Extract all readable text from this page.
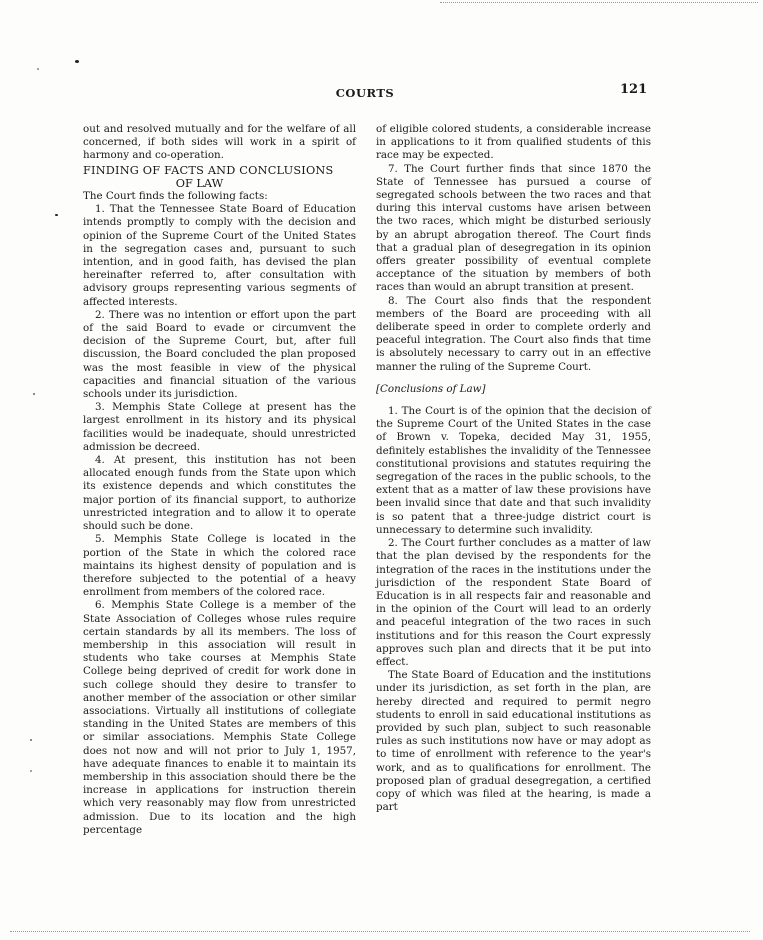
COURTS	121

out and resolved mutually and for the welfare of all concerned, if both sides will work in a spirit of harmony and co-operation.

FINDING OF FACTS AND CONCLUSIONS

OF LAW

The Court finds the following facts:

1. That the Tennessee State Board of Education intends promptly to comply with the decision and opinion of the Supreme Court of the United States in the segregation cases and, pursuant to such intention, and in good faith, has devised the plan hereinafter referred to, after consultation with advisory groups representing various segments of affected interests.

2. There was no intention or effort upon the part of the said Board to evade or circumvent the decision of the Supreme Court, but, after full discussion, the Board concluded the plan proposed was the most feasible in view of the physical capacities and financial situation of the various schools under its jurisdiction.

3. Memphis State College at present has the largest enrollment in its history and its physical facilities would be inadequate, should unrestricted admission be decreed.

4. At present, this institution has not been allocated enough funds from the State upon which its existence depends and which constitutes the major portion of its financial support, to authorize unrestricted integration and to allow it to operate should such be done.

5. Memphis State College is located in the portion of the State in which the colored race maintains its highest density of population and is therefore subjected to the potential of a heavy enrollment from members of the colored race.

6. Memphis State College is a member of the State Association of Colleges whose rules require certain standards by all its members. The loss of membership in this association will result in students who take courses at Memphis State College being deprived of credit for work done in such college should they desire to transfer to another member of the association or other similar associations. Virtually all institutions of collegiate standing in the United States are members of this or similar associations. Memphis State College does not now and will not prior to July 1, 1957, have adequate finances to enable it to maintain its membership in this association should there be the increase in applications for instruction therein which very reasonably may flow from unrestricted admission. Due to its location and the high percentage

of eligible colored students, a considerable increase in applications to it from qualified students of this race may be expected.

7. The Court further finds that since 1870 the State of Tennessee has pursued a course of segregated schools between the two races and that during this interval customs have arisen between the two races, which might be disturbed seriously by an abrupt abrogation thereof. The Court finds that a gradual plan of desegregation in its opinion offers greater possibility of eventual complete acceptance of the situation by members of both races than would an abrupt transition at present.

8. The Court also finds that the respondent members of the Board are proceeding with all deliberate speed in order to complete orderly and peaceful integration. The Court also finds that time is absolutely necessary to carry out in an effective manner the ruling of the Supreme Court.

[Conclusions of Law]

1. The Court is of the opinion that the decision of the Supreme Court of the United States in the case of Brown v. Topeka, decided May 31, 1955, definitely establishes the invalidity of the Tennessee constitutional provisions and statutes requiring the segregation of the races in the public schools, to the extent that as a matter of law these provisions have been invalid since that date and that such invalidity is so patent that a three-judge district court is unnecessary to determine such invalidity.

2. The Court further concludes as a matter of law that the plan devised by the respondents for the integration of the races in the institutions under the jurisdiction of the respondent State Board of Education is in all respects fair and reasonable and in the opinion of the Court will lead to an orderly and peaceful integration of the two races in such institutions and for this reason the Court expressly approves such plan and directs that it be put into effect.

The State Board of Education and the institutions under its jurisdiction, as set forth in the plan, are hereby directed and required to permit negro students to enroll in said educational institutions as provided by such plan, subject to such reasonable rules as such institutions now have or may adopt as to time of enrollment with reference to the year's work, and as to qualifications for enrollment. The proposed plan of gradual desegregation, a certified copy of which was filed at the hearing, is made a part
